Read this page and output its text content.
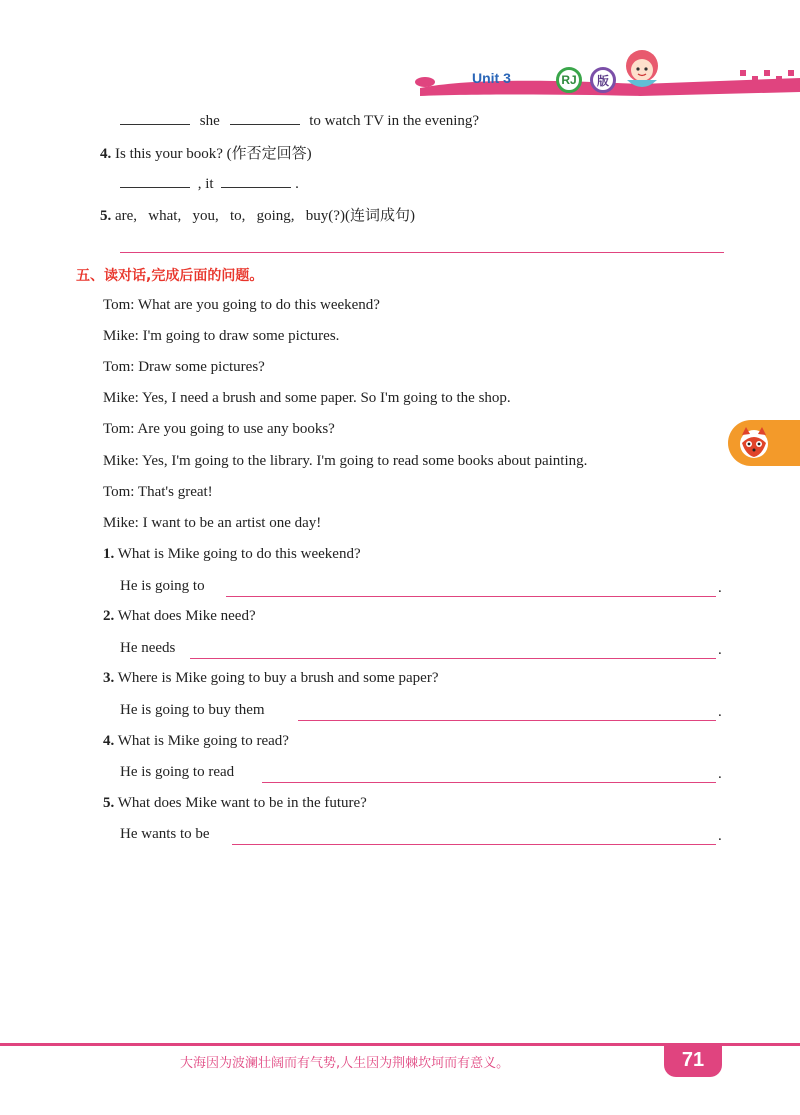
Unit 3	RJ	版
she	to watch TV in the evening?
4. Is this your book? (作否定回答)
, it	.
5. are,   what,   you,   to,   going,   buy(?)(连词成句)
五、读对话,完成后面的问题。
Tom: What are you going to do this weekend?
Mike: I'm going to draw some pictures.
Tom: Draw some pictures?
Mike: Yes, I need a brush and some paper. So I'm going to the shop.
Tom: Are you going to use any books?
Mike: Yes, I'm going to the library. I'm going to read some books about painting.
Tom: That's great!
Mike: I want to be an artist one day!
1. What is Mike going to do this weekend?
He is going to	.
2. What does Mike need?
He needs	.
3. Where is Mike going to buy a brush and some paper?
He is going to buy them	.
4. What is Mike going to read?
He is going to read	.
5. What does Mike want to be in the future?
He wants to be	.
大海因为波澜壮阔而有气势,人生因为荆棘坎坷而有意义。	71
